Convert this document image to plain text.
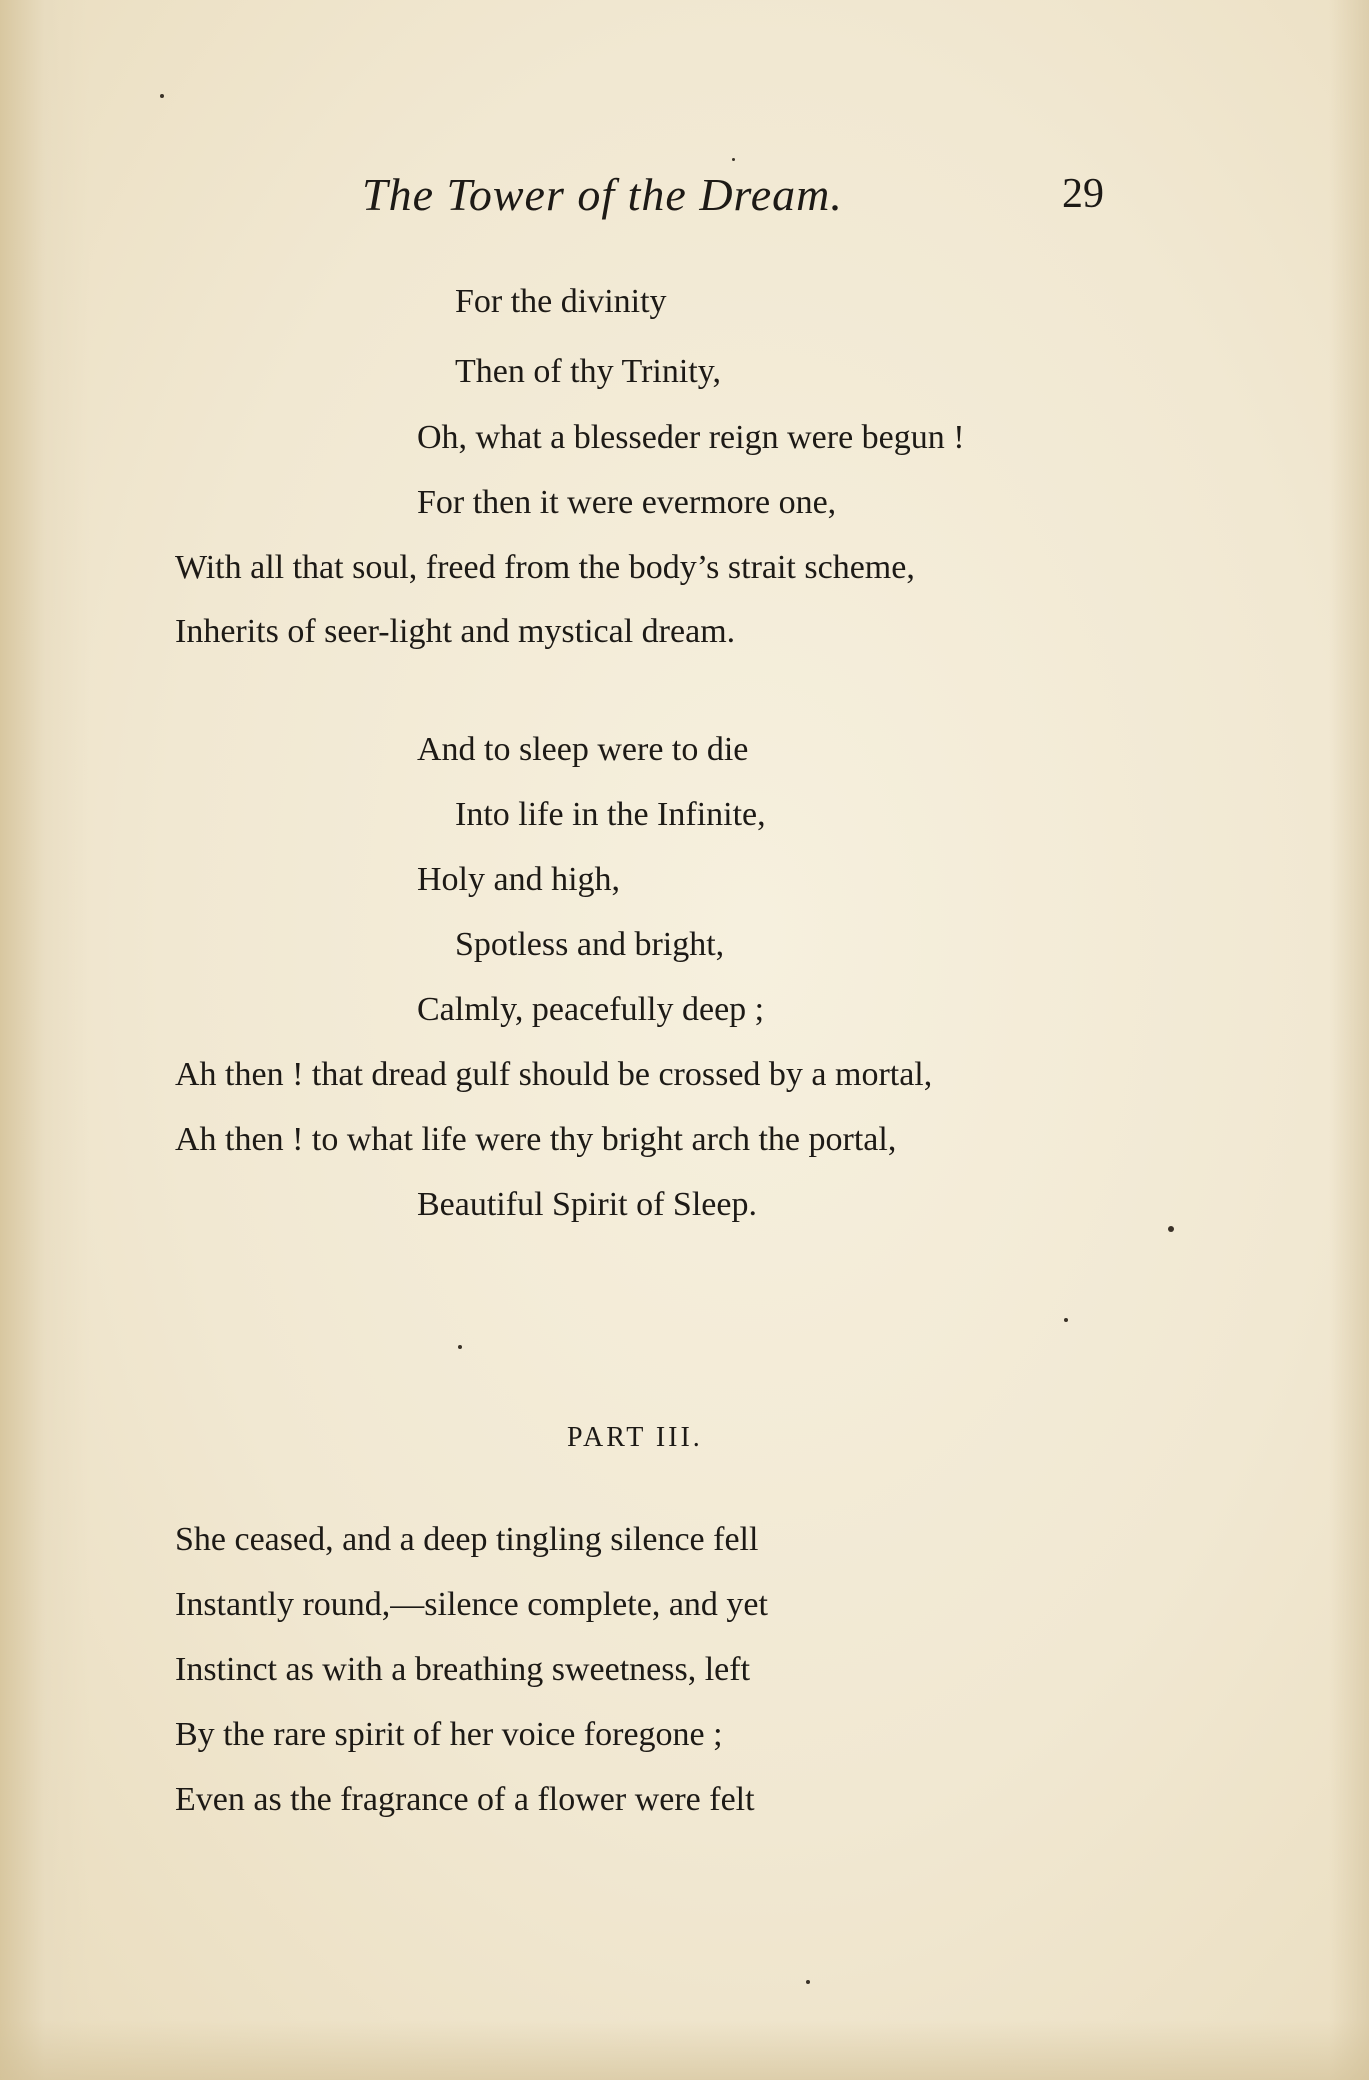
The Tower of the Dream.	29
For the divinity
Then of thy Trinity,
Oh, what a blesseder reign were begun !
For then it were evermore one,
With all that soul, freed from the body’s strait scheme,
Inherits of seer-light and mystical dream.
And to sleep were to die
Into life in the Infinite,
Holy and high,
Spotless and bright,
Calmly, peacefully deep ;
Ah then ! that dread gulf should be crossed by a mortal,
Ah then ! to what life were thy bright arch the portal,
Beautiful Spirit of Sleep.
PART III.
She ceased, and a deep tingling silence fell
Instantly round,—silence complete, and yet
Instinct as with a breathing sweetness, left
By the rare spirit of her voice foregone ;
Even as the fragrance of a flower were felt
